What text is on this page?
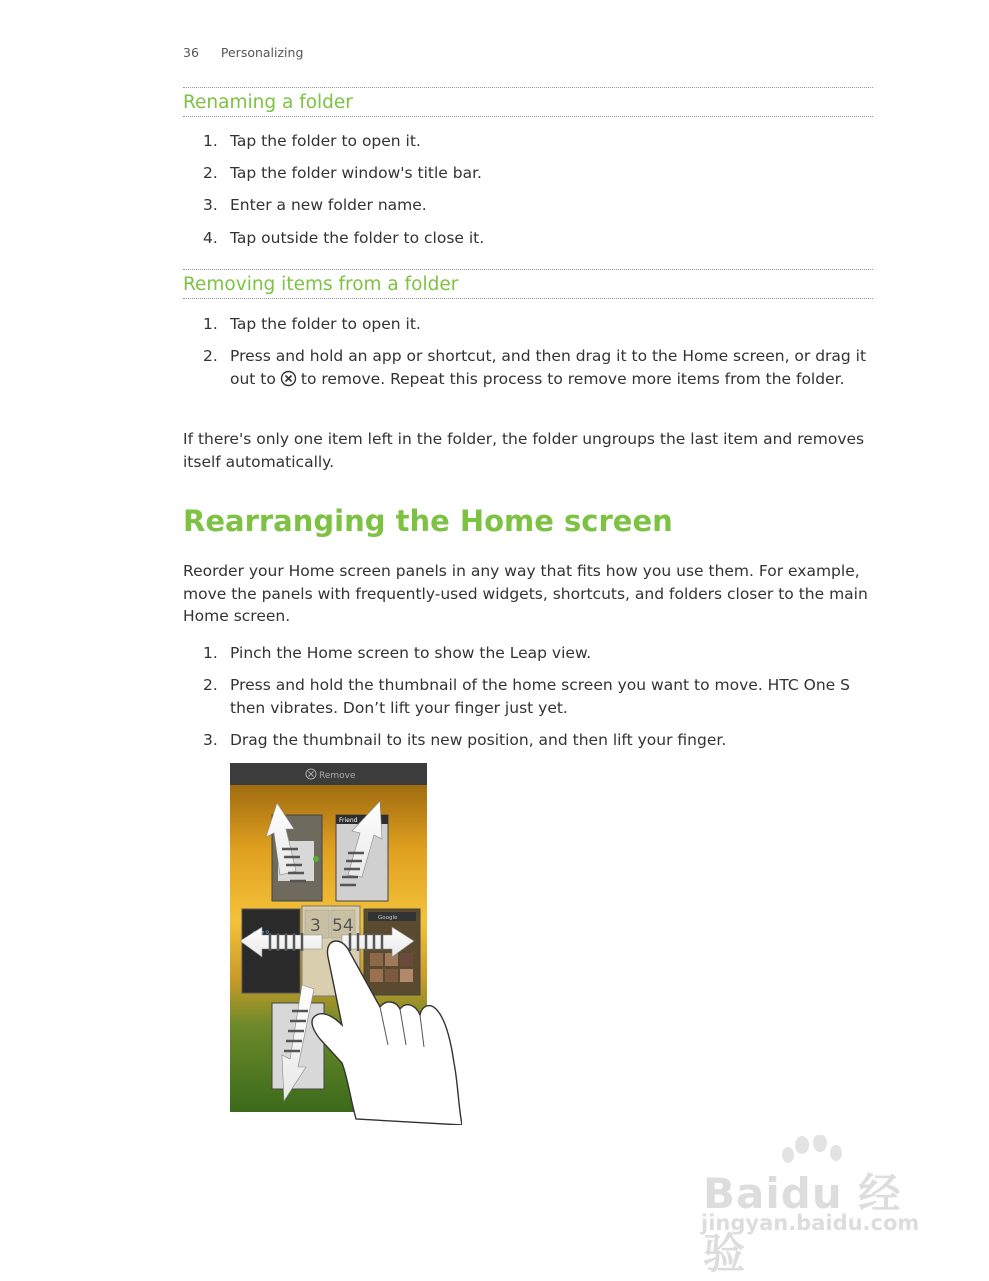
36 Personalizing
Renaming a folder
1. Tap the folder to open it.
2. Tap the folder window's title bar.
3. Enter a new folder name.
4. Tap outside the folder to close it.
Removing items from a folder
1. Tap the folder to open it.
2. Press and hold an app or shortcut, and then drag it to the Home screen, or drag it out to to remove. Repeat this process to remove more items from the folder.
If there's only one item left in the folder, the folder ungroups the last item and removes itself automatically.
Rearranging the Home screen
Reorder your Home screen panels in any way that fits how you use them. For example, move the panels with frequently-used widgets, shortcuts, and folders closer to the main Home screen.
1. Pinch the Home screen to show the Leap view.
2. Press and hold the thumbnail of the home screen you want to move. HTC One S then vibrates. Don’t lift your finger just yet.
3. Drag the thumbnail to its new position, and then lift your finger.
Remove
Friend
3 54	Google
Baidu 经验
jingyan.baidu.com
